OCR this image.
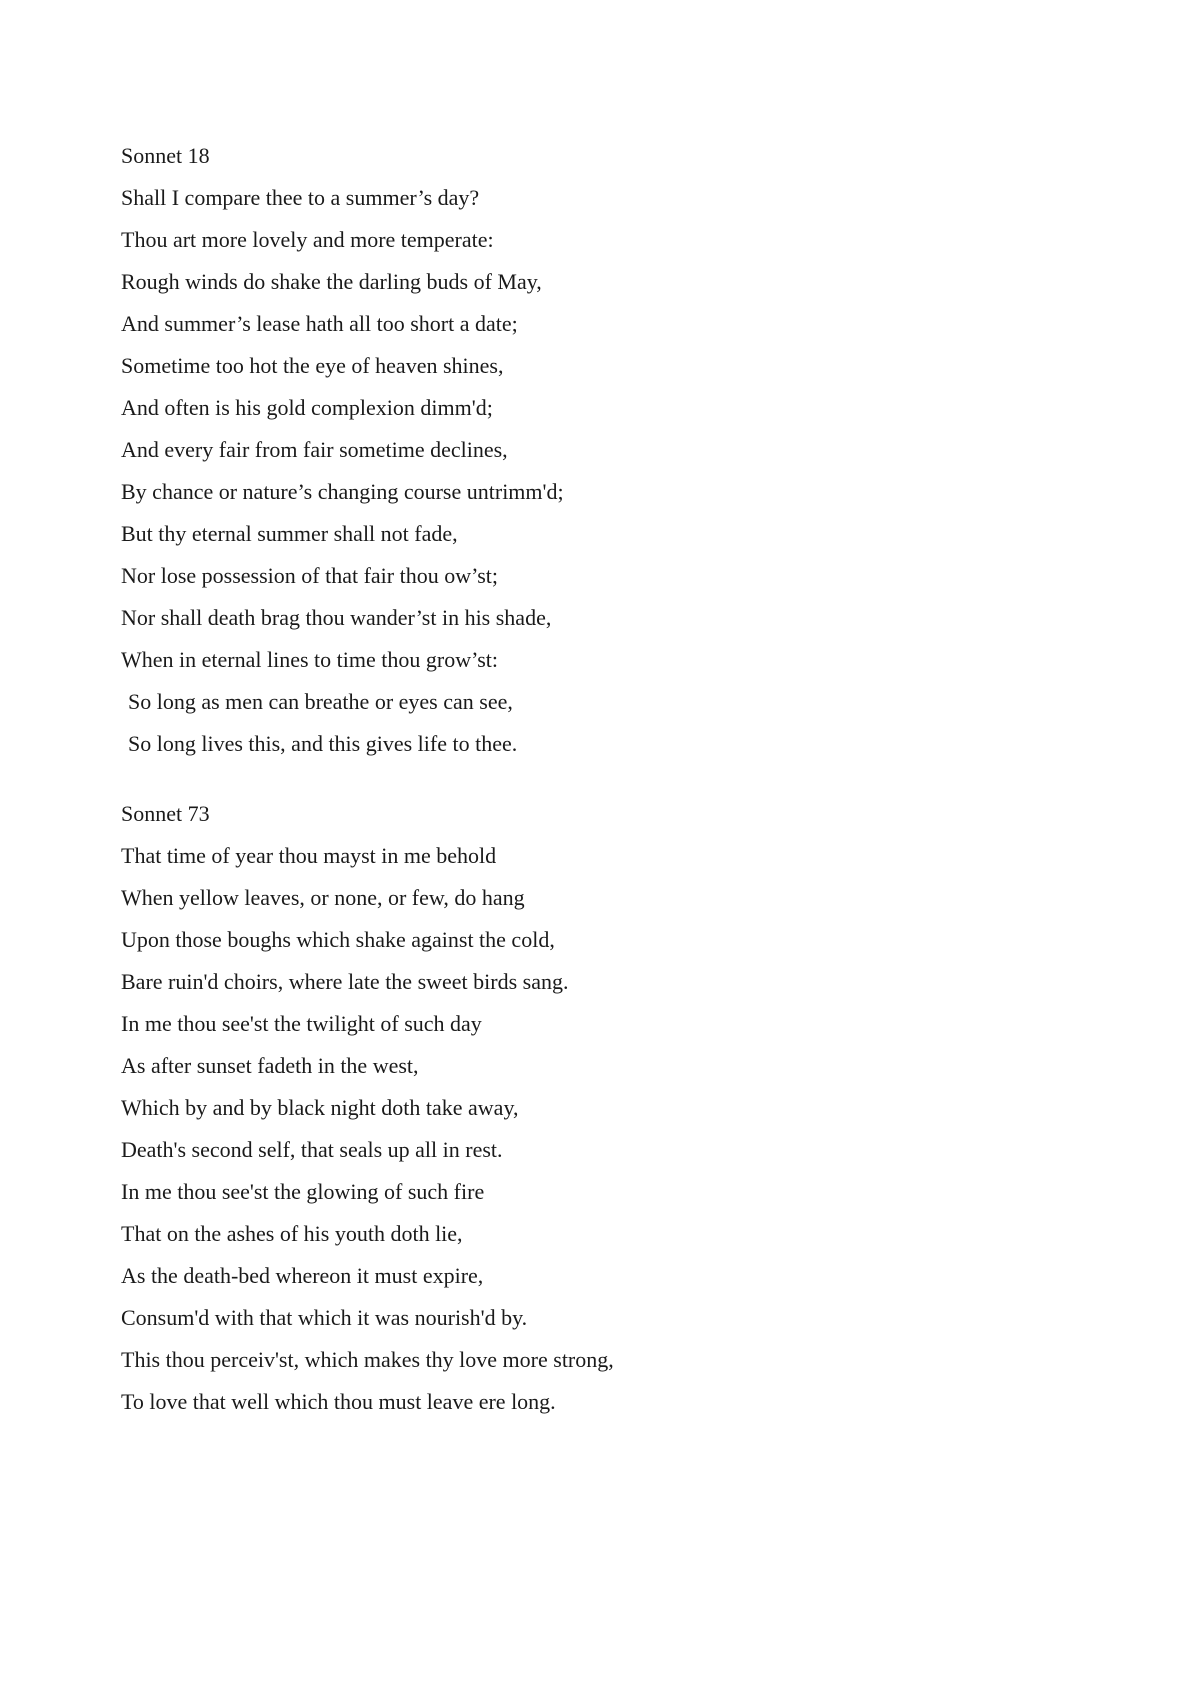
Sonnet 18
Shall I compare thee to a summer’s day?
Thou art more lovely and more temperate:
Rough winds do shake the darling buds of May,
And summer’s lease hath all too short a date;
Sometime too hot the eye of heaven shines,
And often is his gold complexion dimm'd;
And every fair from fair sometime declines,
By chance or nature’s changing course untrimm'd;
But thy eternal summer shall not fade,
Nor lose possession of that fair thou ow’st;
Nor shall death brag thou wander’st in his shade,
When in eternal lines to time thou grow’st:
So long as men can breathe or eyes can see,
So long lives this, and this gives life to thee.
Sonnet 73
That time of year thou mayst in me behold
When yellow leaves, or none, or few, do hang
Upon those boughs which shake against the cold,
Bare ruin'd choirs, where late the sweet birds sang.
In me thou see'st the twilight of such day
As after sunset fadeth in the west,
Which by and by black night doth take away,
Death's second self, that seals up all in rest.
In me thou see'st the glowing of such fire
That on the ashes of his youth doth lie,
As the death-bed whereon it must expire,
Consum'd with that which it was nourish'd by.
This thou perceiv'st, which makes thy love more strong,
To love that well which thou must leave ere long.
